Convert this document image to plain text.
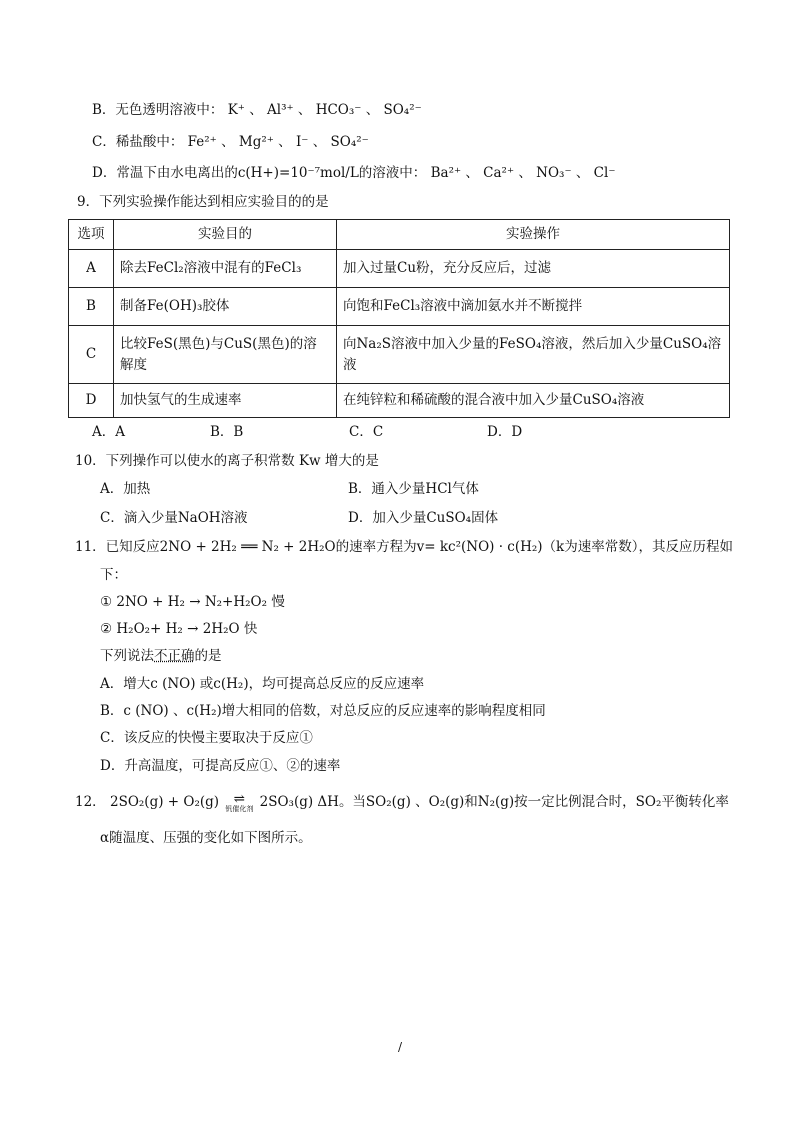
B．无色透明溶液中： K⁺ 、 Al³⁺ 、 HCO₃⁻ 、 SO₄²⁻
C．稀盐酸中： Fe²⁺ 、 Mg²⁺ 、 I⁻ 、 SO₄²⁻
D．常温下由水电离出的c(H+)=10⁻⁷mol/L的溶液中： Ba²⁺ 、 Ca²⁺ 、 NO₃⁻ 、 Cl⁻
9．下列实验操作能达到相应实验目的的是
选项	实验目的	实验操作
A	除去FeCl₂溶液中混有的FeCl₃	加入过量Cu粉，充分反应后，过滤
B	制备Fe(OH)₃胶体	向饱和FeCl₃溶液中滴加氨水并不断搅拌
C	比较FeS(黑色)与CuS(黑色)的溶解度	向Na₂S溶液中加入少量的FeSO₄溶液，然后加入少量CuSO₄溶液
D	加快氢气的生成速率	在纯锌粒和稀硫酸的混合液中加入少量CuSO₄溶液
A．A	B．B	C．C	D．D
10．下列操作可以使水的离子积常数 Kw 增大的是
A．加热	B．通入少量HCl气体
C．滴入少量NaOH溶液	D．加入少量CuSO₄固体
11．已知反应2NO + 2H₂ ══ N₂ + 2H₂O的速率方程为v= kc²(NO) · c(H₂)（k为速率常数），其反应历程如
下：
① 2NO + H₂ → N₂+H₂O₂ 慢
② H₂O₂+ H₂ → 2H₂O 快
下列说法不正确的是
A．增大c (NO) 或c(H₂)，均可提高总反应的反应速率
B．c (NO) 、c(H₂)增大相同的倍数，对总反应的反应速率的影响程度相同
C．该反应的快慢主要取决于反应①
D．升高温度，可提高反应①、②的速率
12． 2SO₂(g) + O₂(g)	⇌
钒催化剂 2SO₃(g) ΔH。当SO₂(g) 、O₂(g)和N₂(g)按一定比例混合时，SO₂平衡转化率
α随温度、压强的变化如下图所示。
/
